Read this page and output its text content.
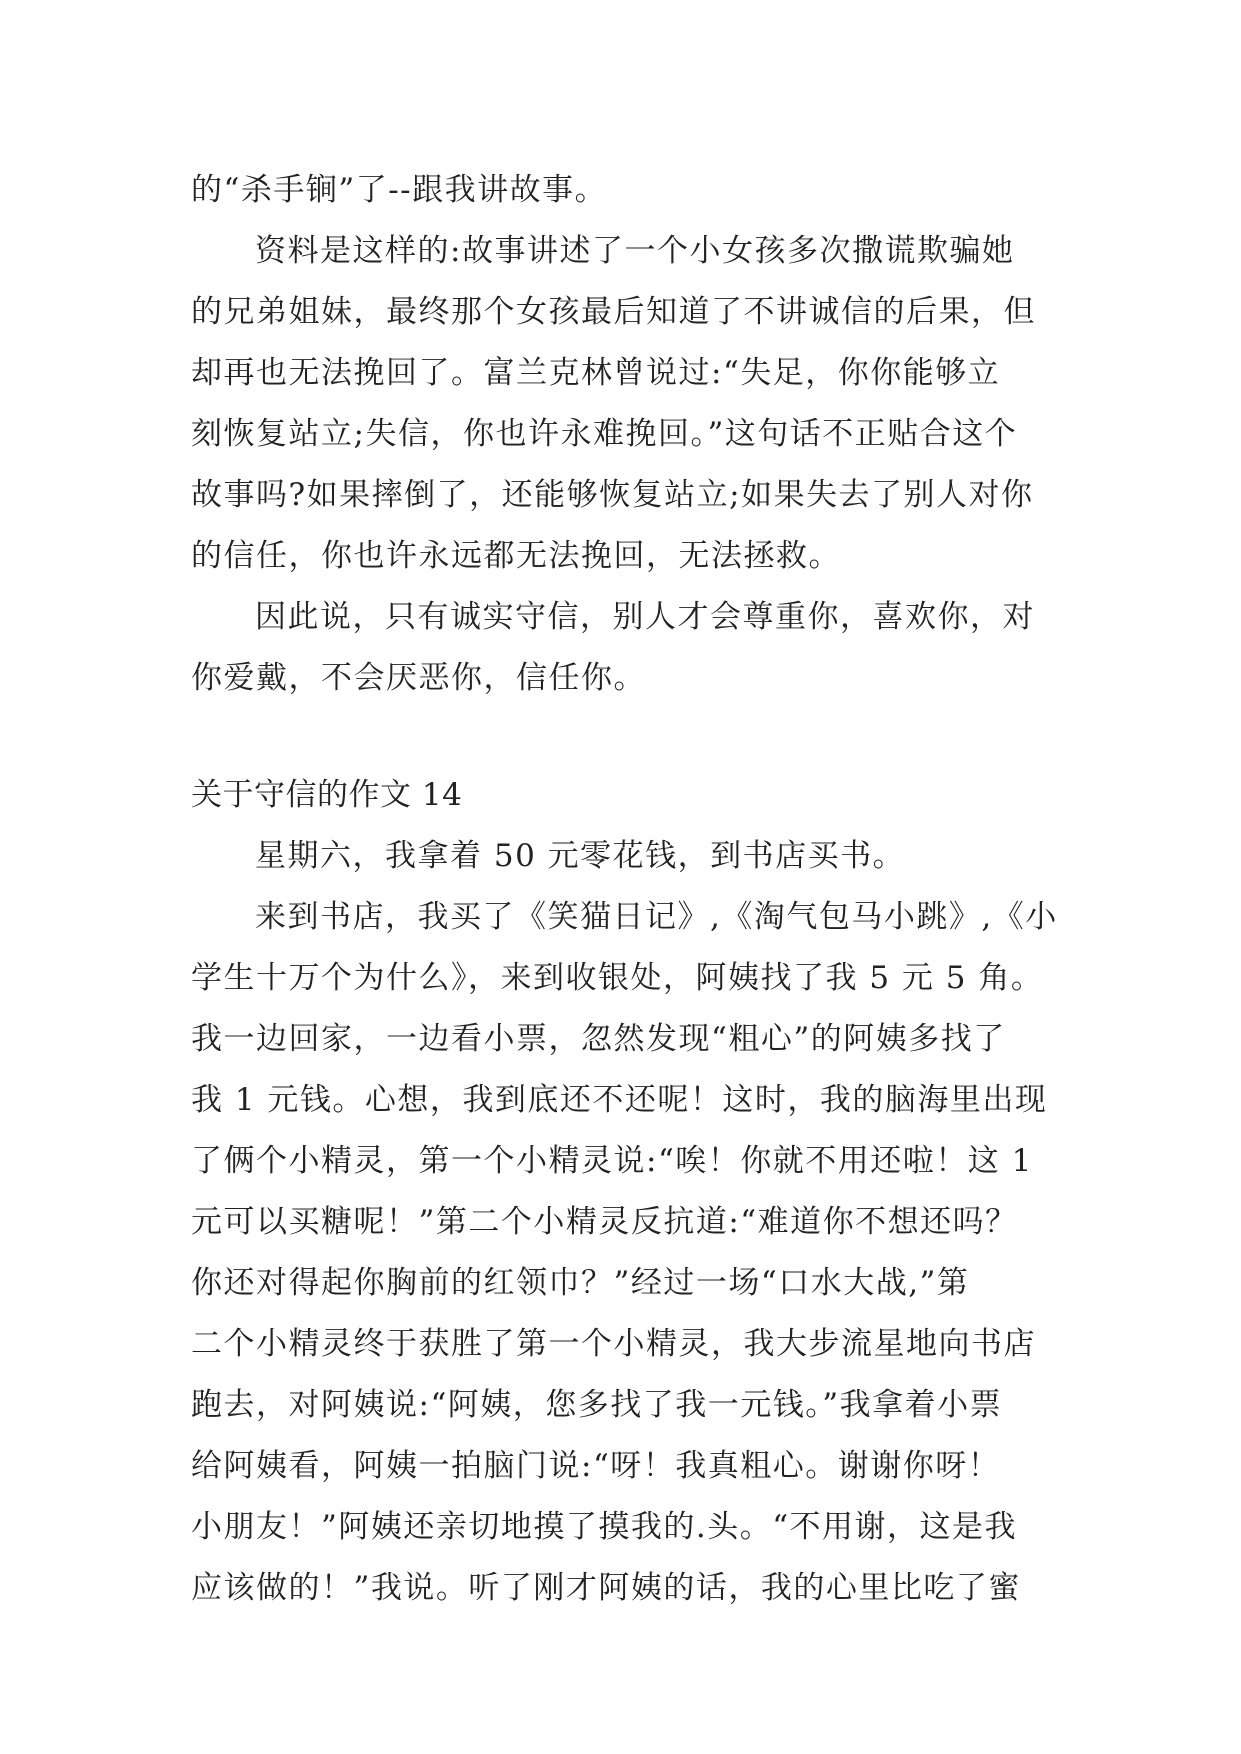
的“杀手锏”了--跟我讲故事。
资料是这样的:故事讲述了一个小女孩多次撒谎欺骗她
的兄弟姐妹，最终那个女孩最后知道了不讲诚信的后果，但
却再也无法挽回了。富兰克林曾说过:“失足，你你能够立
刻恢复站立;失信，你也许永难挽回。”这句话不正贴合这个
故事吗?如果摔倒了，还能够恢复站立;如果失去了别人对你
的信任，你也许永远都无法挽回，无法拯救。
因此说，只有诚实守信，别人才会尊重你，喜欢你，对
你爱戴，不会厌恶你，信任你。
关于守信的作文 14
星期六，我拿着 50 元零花钱，到书店买书。
来到书店，我买了《笑猫日记》,《淘气包马小跳》,《小
学生十万个为什么》，来到收银处，阿姨找了我 5 元 5 角。
我一边回家，一边看小票，忽然发现“粗心”的阿姨多找了
我 1 元钱。心想，我到底还不还呢！这时，我的脑海里出现
了俩个小精灵，第一个小精灵说:“唉！你就不用还啦！这 1
元可以买糖呢！”第二个小精灵反抗道:“难道你不想还吗？
你还对得起你胸前的红领巾？”经过一场“口水大战,”第
二个小精灵终于获胜了第一个小精灵，我大步流星地向书店
跑去，对阿姨说:“阿姨，您多找了我一元钱。”我拿着小票
给阿姨看，阿姨一拍脑门说:“呀！我真粗心。谢谢你呀！
小朋友！”阿姨还亲切地摸了摸我的.头。“不用谢，这是我
应该做的！”我说。听了刚才阿姨的话，我的心里比吃了蜜
